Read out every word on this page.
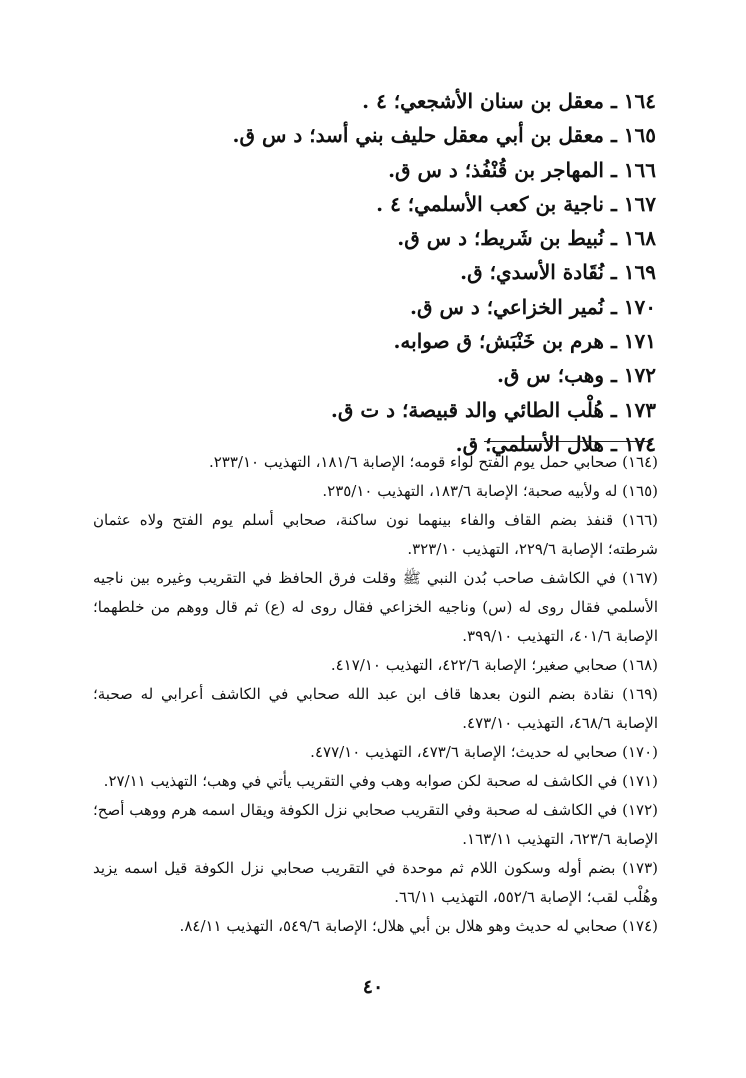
١٦٤ ـ معقل بن سنان الأشجعي؛ ٤ .
١٦٥ ـ معقل بن أبي معقل حليف بني أسد؛ د س ق.
١٦٦ ـ المهاجر بن قُنْفُذ؛ د س ق.
١٦٧ ـ ناجية بن كعب الأسلمي؛ ٤ .
١٦٨ ـ نُبيط بن شَريط؛ د س ق.
١٦٩ ـ نُقَادة الأسدي؛ ق.
١٧٠ ـ نُمير الخزاعي؛ د س ق.
١٧١ ـ هرم بن خَنْبَش؛ ق صوابه.
١٧٢ ـ وهب؛ س ق.
١٧٣ ـ هُلْب الطائي والد قبيصة؛ د ت ق.
١٧٤ ـ هلال الأسلمي؛ ق.
(١٦٤) صحابي حمل يوم الفتح لواء قومه؛ الإصابة ١٨١/٦، التهذيب ٢٣٣/١٠.
(١٦٥) له ولأبيه صحبة؛ الإصابة ١٨٣/٦، التهذيب ٢٣٥/١٠.
(١٦٦) قنفذ بضم القاف والفاء بينهما نون ساكنة، صحابي أسلم يوم الفتح ولاه عثمان شرطته؛ الإصابة ٢٢٩/٦، التهذيب ٣٢٣/١٠.
(١٦٧) في الكاشف صاحب بُدن النبي ﷺ وقلت فرق الحافظ في التقريب وغيره بين ناجيه الأسلمي فقال روى له (س) وناجيه الخزاعي فقال روى له (ع) ثم قال ووهم من خلطهما؛ الإصابة ٤٠١/٦، التهذيب ٣٩٩/١٠.
(١٦٨) صحابي صغير؛ الإصابة ٤٢٢/٦، التهذيب ٤١٧/١٠.
(١٦٩) نقادة بضم النون بعدها قاف ابن عبد الله صحابي في الكاشف أعرابي له صحبة؛ الإصابة ٤٦٨/٦، التهذيب ٤٧٣/١٠.
(١٧٠) صحابي له حديث؛ الإصابة ٤٧٣/٦، التهذيب ٤٧٧/١٠.
(١٧١) في الكاشف له صحبة لكن صوابه وهب وفي التقريب يأتي في وهب؛ التهذيب ٢٧/١١.
(١٧٢) في الكاشف له صحبة وفي التقريب صحابي نزل الكوفة ويقال اسمه هرم ووهب أصح؛ الإصابة ٦٢٣/٦، التهذيب ١٦٣/١١.
(١٧٣) بضم أوله وسكون اللام ثم موحدة في التقريب صحابي نزل الكوفة قيل اسمه يزيد وهُلْب لقب؛ الإصابة ٥٥٢/٦، التهذيب ٦٦/١١.
(١٧٤) صحابي له حديث وهو هلال بن أبي هلال؛ الإصابة ٥٤٩/٦، التهذيب ٨٤/١١.
٤٠
